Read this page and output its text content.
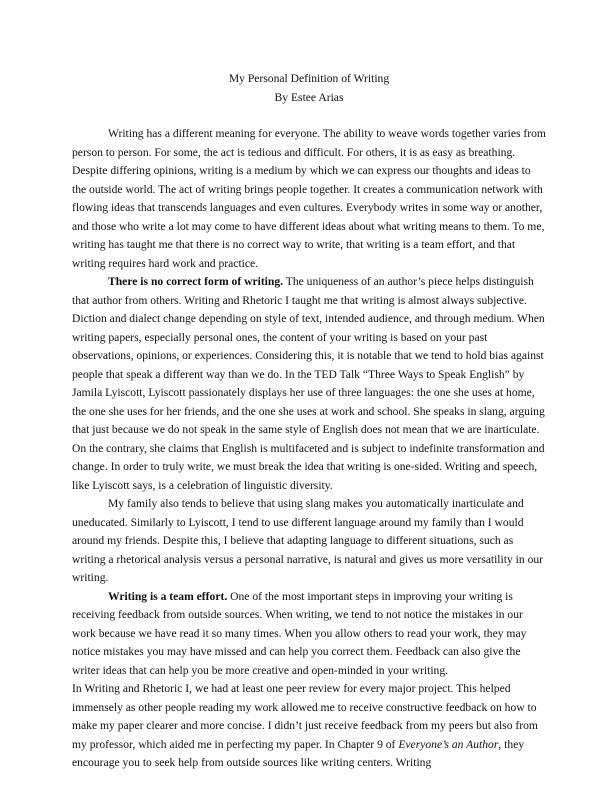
My Personal Definition of Writing
By Estee Arias

Writing has a different meaning for everyone. The ability to weave words together varies from person to person. For some, the act is tedious and difficult. For others, it is as easy as breathing. Despite differing opinions, writing is a medium by which we can express our thoughts and ideas to the outside world. The act of writing brings people together. It creates a communication network with flowing ideas that transcends languages and even cultures. Everybody writes in some way or another, and those who write a lot may come to have different ideas about what writing means to them. To me, writing has taught me that there is no correct way to write, that writing is a team effort, and that writing requires hard work and practice.

There is no correct form of writing. The uniqueness of an author’s piece helps distinguish that author from others. Writing and Rhetoric I taught me that writing is almost always subjective. Diction and dialect change depending on style of text, intended audience, and through medium. When writing papers, especially personal ones, the content of your writing is based on your past observations, opinions, or experiences. Considering this, it is notable that we tend to hold bias against people that speak a different way than we do. In the TED Talk “Three Ways to Speak English” by Jamila Lyiscott, Lyiscott passionately displays her use of three languages: the one she uses at home, the one she uses for her friends, and the one she uses at work and school. She speaks in slang, arguing that just because we do not speak in the same style of English does not mean that we are inarticulate. On the contrary, she claims that English is multifaceted and is subject to indefinite transformation and change. In order to truly write, we must break the idea that writing is one-sided. Writing and speech, like Lyiscott says, is a celebration of linguistic diversity.

My family also tends to believe that using slang makes you automatically inarticulate and uneducated. Similarly to Lyiscott, I tend to use different language around my family than I would around my friends. Despite this, I believe that adapting language to different situations, such as writing a rhetorical analysis versus a personal narrative, is natural and gives us more versatility in our writing.

Writing is a team effort. One of the most important steps in improving your writing is receiving feedback from outside sources. When writing, we tend to not notice the mistakes in our work because we have read it so many times. When you allow others to read your work, they may notice mistakes you may have missed and can help you correct them. Feedback can also give the writer ideas that can help you be more creative and open-minded in your writing.

In Writing and Rhetoric I, we had at least one peer review for every major project. This helped immensely as other people reading my work allowed me to receive constructive feedback on how to make my paper clearer and more concise. I didn’t just receive feedback from my peers but also from my professor, which aided me in perfecting my paper. In Chapter 9 of Everyone’s an Author, they encourage you to seek help from outside sources like writing centers. Writing
